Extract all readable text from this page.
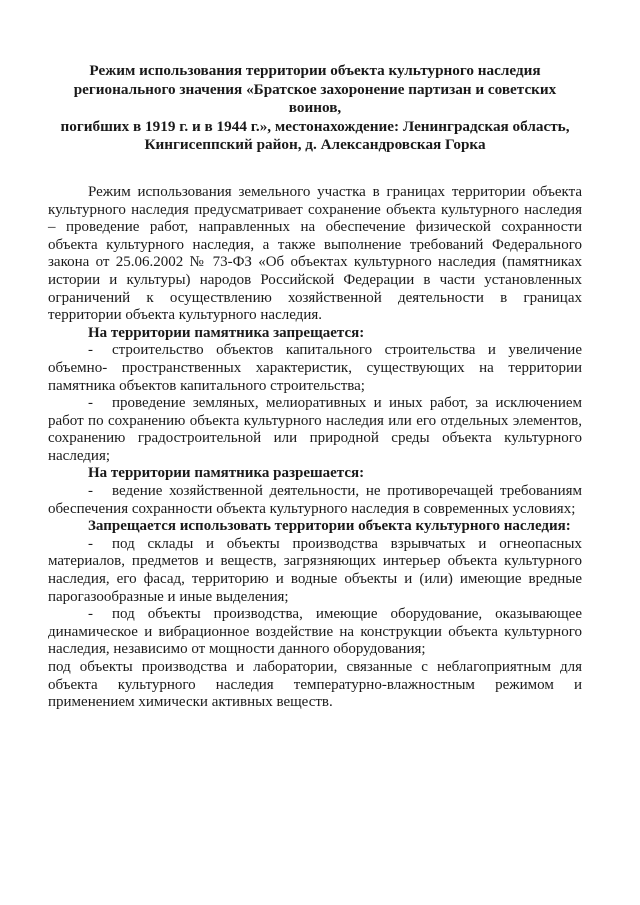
Режим использования территории объекта культурного наследия
регионального значения «Братское захоронение партизан и советских воинов,
погибших в 1919 г. и в 1944 г.», местонахождение: Ленинградская область,
Кингисеппский район, д. Александровская Горка

Режим использования земельного участка в границах территории объекта культурного наследия предусматривает сохранение объекта культурного наследия – проведение работ, направленных на обеспечение физической сохранности объекта культурного наследия, а также выполнение требований Федерального закона от 25.06.2002 № 73-ФЗ «Об объектах культурного наследия (памятниках истории и культуры) народов Российской Федерации в части установленных ограничений к осуществлению хозяйственной деятельности в границах территории объекта культурного наследия.

На территории памятника запрещается:

- строительство объектов капитального строительства и увеличение объемно- пространственных характеристик, существующих на территории памятника объектов капитального строительства;

- проведение земляных, мелиоративных и иных работ, за исключением работ по сохранению объекта культурного наследия или его отдельных элементов, сохранению градостроительной или природной среды объекта культурного наследия;

На территории памятника разрешается:

- ведение хозяйственной деятельности, не противоречащей требованиям обеспечения сохранности объекта культурного наследия в современных условиях;

Запрещается использовать территории объекта культурного наследия:

- под склады и объекты производства взрывчатых и огнеопасных материалов, предметов и веществ, загрязняющих интерьер объекта культурного наследия, его фасад, территорию и водные объекты и (или) имеющие вредные парогазообразные и иные выделения;

- под объекты производства, имеющие оборудование, оказывающее динамическое и вибрационное воздействие на конструкции объекта культурного наследия, независимо от мощности данного оборудования;

под объекты производства и лаборатории, связанные с неблагоприятным для объекта культурного наследия температурно-влажностным режимом и применением химически активных веществ.
